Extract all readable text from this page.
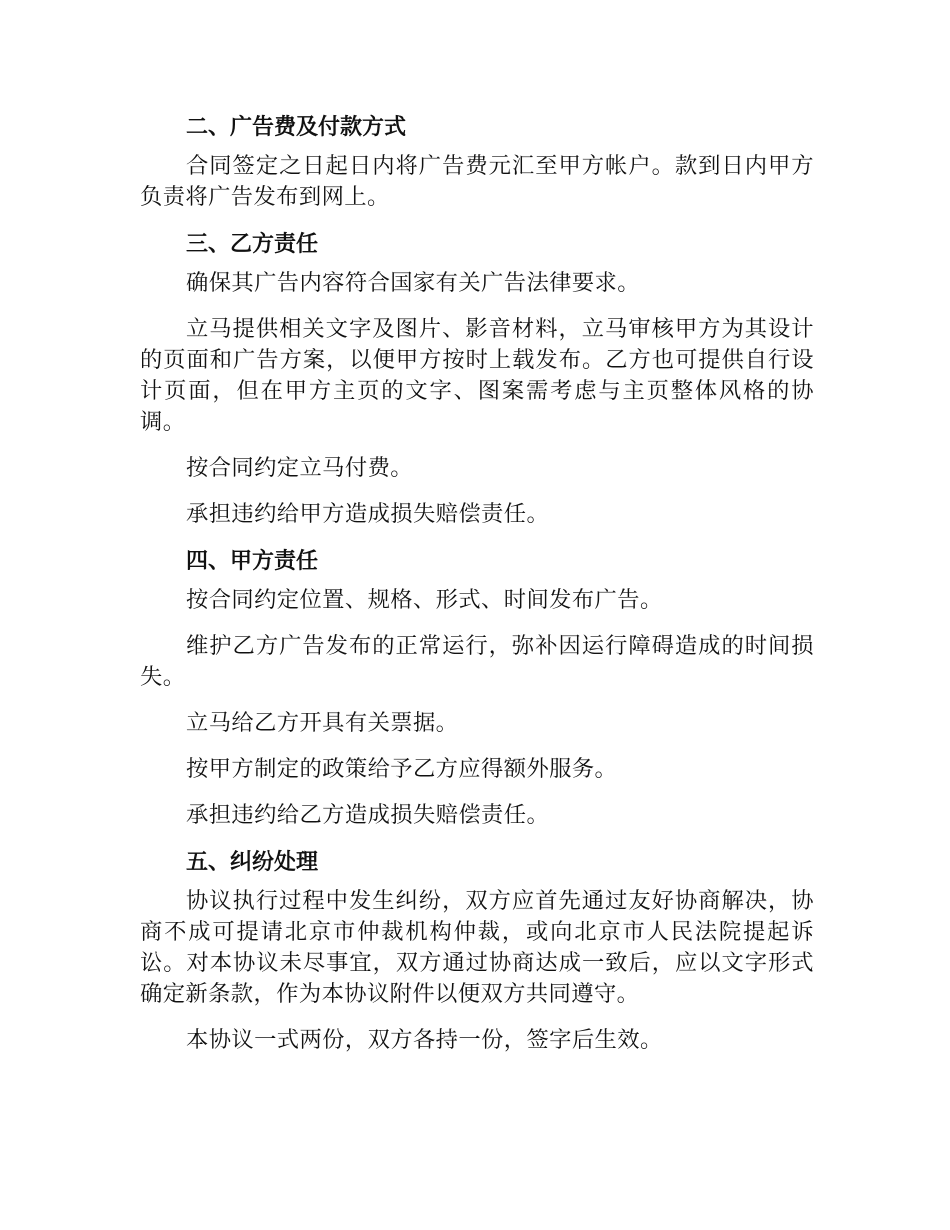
二、广告费及付款方式

合同签定之日起日内将广告费元汇至甲方帐户。款到日内甲方负责将广告发布到网上。

三、乙方责任

确保其广告内容符合国家有关广告法律要求。

立马提供相关文字及图片、影音材料，立马审核甲方为其设计的页面和广告方案，以便甲方按时上载发布。乙方也可提供自行设计页面，但在甲方主页的文字、图案需考虑与主页整体风格的协调。

按合同约定立马付费。

承担违约给甲方造成损失赔偿责任。

四、甲方责任

按合同约定位置、规格、形式、时间发布广告。

维护乙方广告发布的正常运行，弥补因运行障碍造成的时间损失。

立马给乙方开具有关票据。

按甲方制定的政策给予乙方应得额外服务。

承担违约给乙方造成损失赔偿责任。

五、纠纷处理

协议执行过程中发生纠纷，双方应首先通过友好协商解决，协商不成可提请北京市仲裁机构仲裁，或向北京市人民法院提起诉讼。对本协议未尽事宜，双方通过协商达成一致后，应以文字形式确定新条款，作为本协议附件以便双方共同遵守。

本协议一式两份，双方各持一份，签字后生效。
